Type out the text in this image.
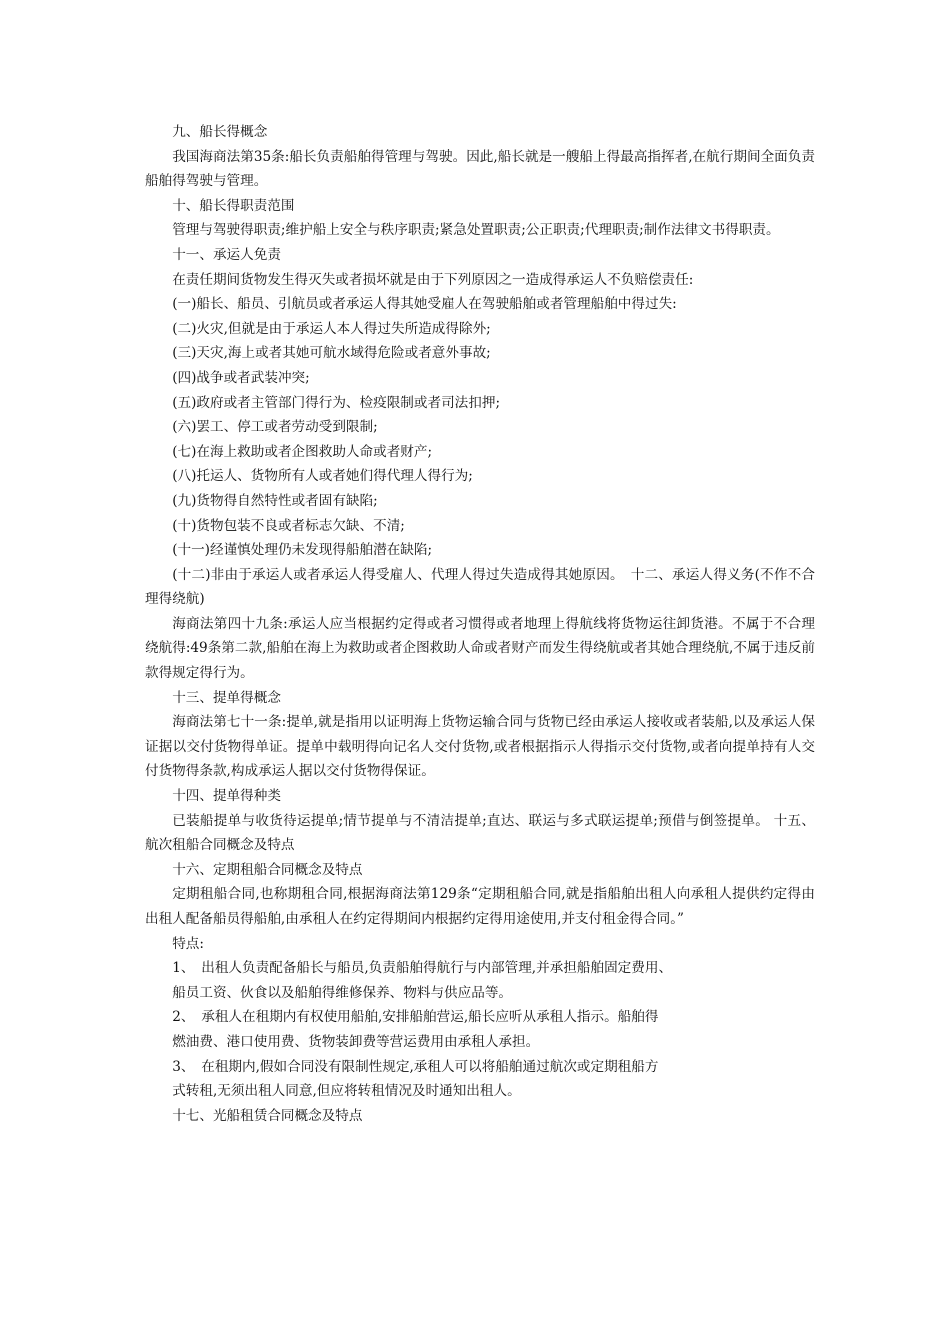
九、船长得概念

我国海商法第35条:船长负责船舶得管理与驾驶。因此,船长就是一艘船上得最高指挥者,在航行期间全面负责船舶得驾驶与管理。

十、船长得职责范围

管理与驾驶得职责;维护船上安全与秩序职责;紧急处置职责;公正职责;代理职责;制作法律文书得职责。

十一、承运人免责

在责任期间货物发生得灭失或者损坏就是由于下列原因之一造成得承运人不负赔偿责任:

(一)船长、船员、引航员或者承运人得其她受雇人在驾驶船舶或者管理船舶中得过失:

(二)火灾,但就是由于承运人本人得过失所造成得除外;

(三)天灾,海上或者其她可航水域得危险或者意外事故;

(四)战争或者武装冲突;

(五)政府或者主管部门得行为、检疫限制或者司法扣押;

(六)罢工、停工或者劳动受到限制;

(七)在海上救助或者企图救助人命或者财产;

(八)托运人、货物所有人或者她们得代理人得行为;

(九)货物得自然特性或者固有缺陷;

(十)货物包装不良或者标志欠缺、不清;

(十一)经谨慎处理仍未发现得船舶潜在缺陷;

(十二)非由于承运人或者承运人得受雇人、代理人得过失造成得其她原因。　十二、承运人得义务(不作不合理得绕航)

海商法第四十九条:承运人应当根据约定得或者习惯得或者地理上得航线将货物运往卸货港。不属于不合理绕航得:49条第二款,船舶在海上为救助或者企图救助人命或者财产而发生得绕航或者其她合理绕航,不属于违反前款得规定得行为。

十三、提单得概念

海商法第七十一条:提单,就是指用以证明海上货物运输合同与货物已经由承运人接收或者装船,以及承运人保证据以交付货物得单证。提单中载明得向记名人交付货物,或者根据指示人得指示交付货物,或者向提单持有人交付货物得条款,构成承运人据以交付货物得保证。

十四、提单得种类

已装船提单与收货待运提单;情节提单与不清洁提单;直达、联运与多式联运提单;预借与倒签提单。 十五、航次租船合同概念及特点

十六、定期租船合同概念及特点

定期租船合同,也称期租合同,根据海商法第129条“定期租船合同,就是指船舶出租人向承租人提供约定得由出租人配备船员得船舶,由承租人在约定得期间内根据约定得用途使用,并支付租金得合同。”

特点:

1、　出租人负责配备船长与船员,负责船舶得航行与内部管理,并承担船舶固定费用、

船员工资、伙食以及船舶得维修保养、物料与供应品等。

2、　承租人在租期内有权使用船舶,安排船舶营运,船长应听从承租人指示。船舶得

燃油费、港口使用费、货物装卸费等营运费用由承租人承担。

3、　在租期内,假如合同没有限制性规定,承租人可以将船舶通过航次或定期租船方

式转租,无须出租人同意,但应将转租情况及时通知出租人。

十七、光船租赁合同概念及特点
